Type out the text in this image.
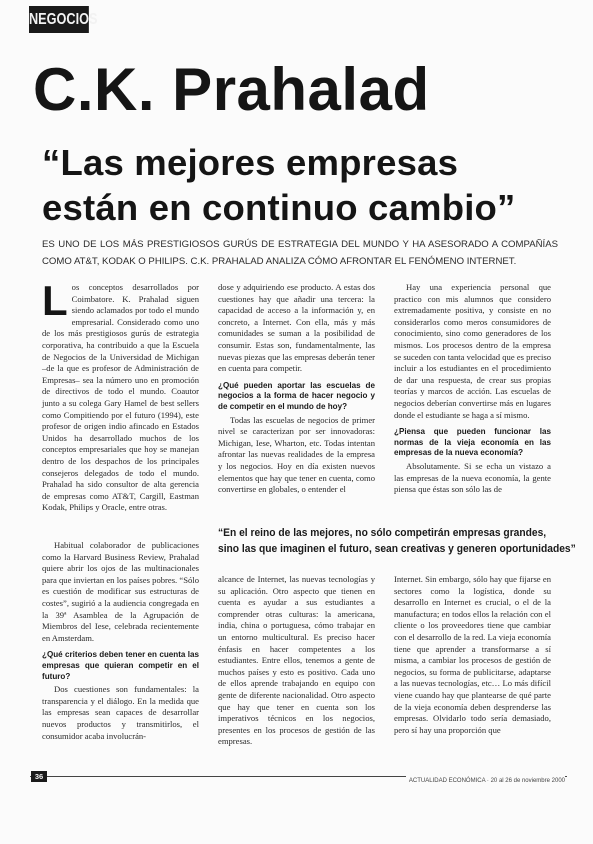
NEGOCIOS
C.K. Prahalad
“Las mejores empresas
están en continuo cambio”
ES UNO DE LOS MÁS PRESTIGIOSOS GURÚS DE ESTRATEGIA DEL MUNDO Y HA ASESORADO A COMPAÑÍAS COMO AT&T, KODAK O PHILIPS. C.K. PRAHALAD ANALIZA CÓMO AFRONTAR EL FENÓMENO INTERNET.
L os conceptos desarrollados por Coimbatore. K. Prahalad siguen siendo aclamados por todo el mundo empresarial. Considerado como uno de los más prestigiosos gurús de estrategia corporativa, ha contribuido a que la Escuela de Negocios de la Universidad de Michigan –de la que es profesor de Administración de Empresas– sea la número uno en promoción de directivos de todo el mundo. Coautor junto a su colega Gary Hamel de best sellers como Compitiendo por el futuro (1994), este profesor de origen indio afincado en Estados Unidos ha desarrollado muchos de los conceptos empresariales que hoy se manejan dentro de los despachos de los principales consejeros delegados de todo el mundo. Prahalad ha sido consultor de alta gerencia de empresas como AT&T, Cargill, Eastman Kodak, Philips y Oracle, entre otras.

dose y adquiriendo ese producto. A estas dos cuestiones hay que añadir una tercera: la capacidad de acceso a la información y, en concreto, a Internet. Con ella, más y más comunidades se suman a la posibilidad de consumir. Estas son, fundamentalmente, las nuevas piezas que las empresas deberán tener en cuenta para competir.

¿Qué pueden aportar las escuelas de negocios a la forma de hacer negocio y de competir en el mundo de hoy?

Todas las escuelas de negocios de primer nivel se caracterizan por ser innovadoras: Michigan, Iese, Wharton, etc. Todas intentan afrontar las nuevas realidades de la empresa y los negocios. Hoy en día existen nuevos elementos que hay que tener en cuenta, como convertirse en globales, o entender el

Hay una experiencia personal que practico con mis alumnos que considero extremadamente positiva, y consiste en no considerarlos como meros consumidores de conocimiento, sino como generadores de los mismos. Los procesos dentro de la empresa se suceden con tanta velocidad que es preciso incluir a los estudiantes en el procedimiento de dar una respuesta, de crear sus propias teorías y marcos de acción. Las escuelas de negocios deberían convertirse más en lugares donde el estudiante se haga a sí mismo.

¿Piensa que pueden funcionar las normas de la vieja economía en las empresas de la nueva economía?

Absolutamente. Si se echa un vistazo a las empresas de la nueva economía, la gente piensa que éstas son sólo las de

“En el reino de las mejores, no sólo competirán empresas grandes,
sino las que imaginen el futuro, sean creativas y generen oportunidades”

Habitual colaborador de publicaciones como la Harvard Business Review, Prahalad quiere abrir los ojos de las multinacionales para que inviertan en los países pobres. “Sólo es cuestión de modificar sus estructuras de costes”, sugirió a la audiencia congregada en la 39ª Asamblea de la Agrupación de Miembros del Iese, celebrada recientemente en Amsterdam.

¿Qué criterios deben tener en cuenta las empresas que quieran competir en el futuro?

Dos cuestiones son fundamentales: la transparencia y el diálogo. En la medida que las empresas sean capaces de desarrollar nuevos productos y transmitirlos, el consumidor acaba involucrán-

alcance de Internet, las nuevas tecnologías y su aplicación. Otro aspecto que tienen en cuenta es ayudar a sus estudiantes a comprender otras culturas: la americana, india, china o portuguesa, cómo trabajar en un entorno multicultural. Es preciso hacer énfasis en hacer competentes a los estudiantes. Entre ellos, tenemos a gente de muchos países y esto es positivo. Cada uno de ellos aprende trabajando en equipo con gente de diferente nacionalidad. Otro aspecto que hay que tener en cuenta son los imperativos técnicos en los negocios, presentes en los procesos de gestión de las empresas.

Internet. Sin embargo, sólo hay que fijarse en sectores como la logística, donde su desarrollo en Internet es crucial, o el de la manufactura; en todos ellos la relación con el cliente o los proveedores tiene que cambiar con el desarrollo de la red. La vieja economía tiene que aprender a transformarse a sí misma, a cambiar los procesos de gestión de negocios, su forma de publicitarse, adaptarse a las nuevas tecnologías, etc… Lo más difícil viene cuando hay que plantearse de qué parte de la vieja economía deben desprenderse las empresas. Olvidarlo todo sería demasiado, pero sí hay una proporción que

36	ACTUALIDAD ECONÓMICA · 20 al 26 de noviembre 2000
